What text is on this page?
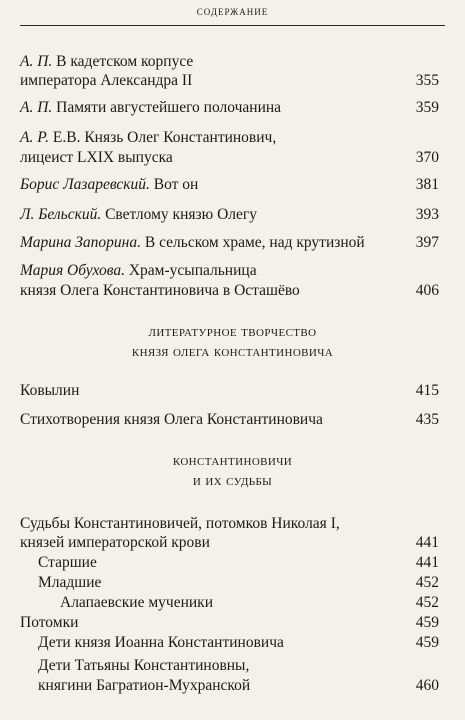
содержание
А. П. В кадетском корпусе
императора Александра II	355
А. П. Памяти августейшего полочанина	359
А. Р. Е.В. Князь Олег Константинович,
лицеист LXIX выпуска	370
Борис Лазаревский. Вот он	381
Л. Бельский. Светлому князю Олегу	393
Марина Запорина. В сельском храме, над крутизной	397
Мария Обухова. Храм-усыпальница
князя Олега Константиновича в Осташёво	406
литературное творчество
князя олега константиновича
Ковылин	415
Стихотворения князя Олега Константиновича	435
константиновичи
и их судьбы
Судьбы Константиновичей, потомков Николая I,
князей императорской крови	441
Старшие	441
Младшие	452
Алапаевские мученики	452
Потомки	459
Дети князя Иоанна Константиновича	459
Дети Татьяны Константиновны,
княгини Багратион-Мухранской	460
